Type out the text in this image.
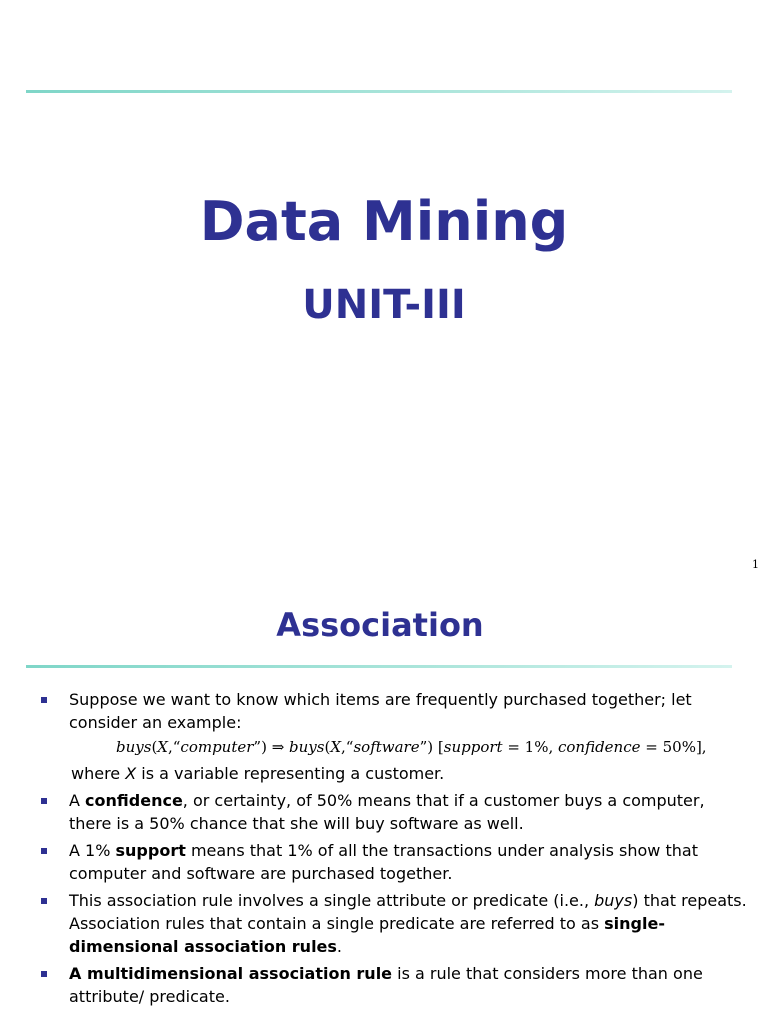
Data Mining
UNIT-III
1
Association
Suppose we want to know which items are frequently purchased together; let consider an example:
buys(X,“computer”) ⇒ buys(X,“software”) [support = 1%, confidence = 50%],
where X is a variable representing a customer.
A confidence, or certainty, of 50% means that if a customer buys a computer, there is a 50% chance that she will buy software as well.
A 1% support means that 1% of all the transactions under analysis show that computer and software are purchased together.
This association rule involves a single attribute or predicate (i.e., buys) that repeats. Association rules that contain a single predicate are referred to as single-dimensional association rules.
A multidimensional association rule is a rule that considers more than one attribute/ predicate.
